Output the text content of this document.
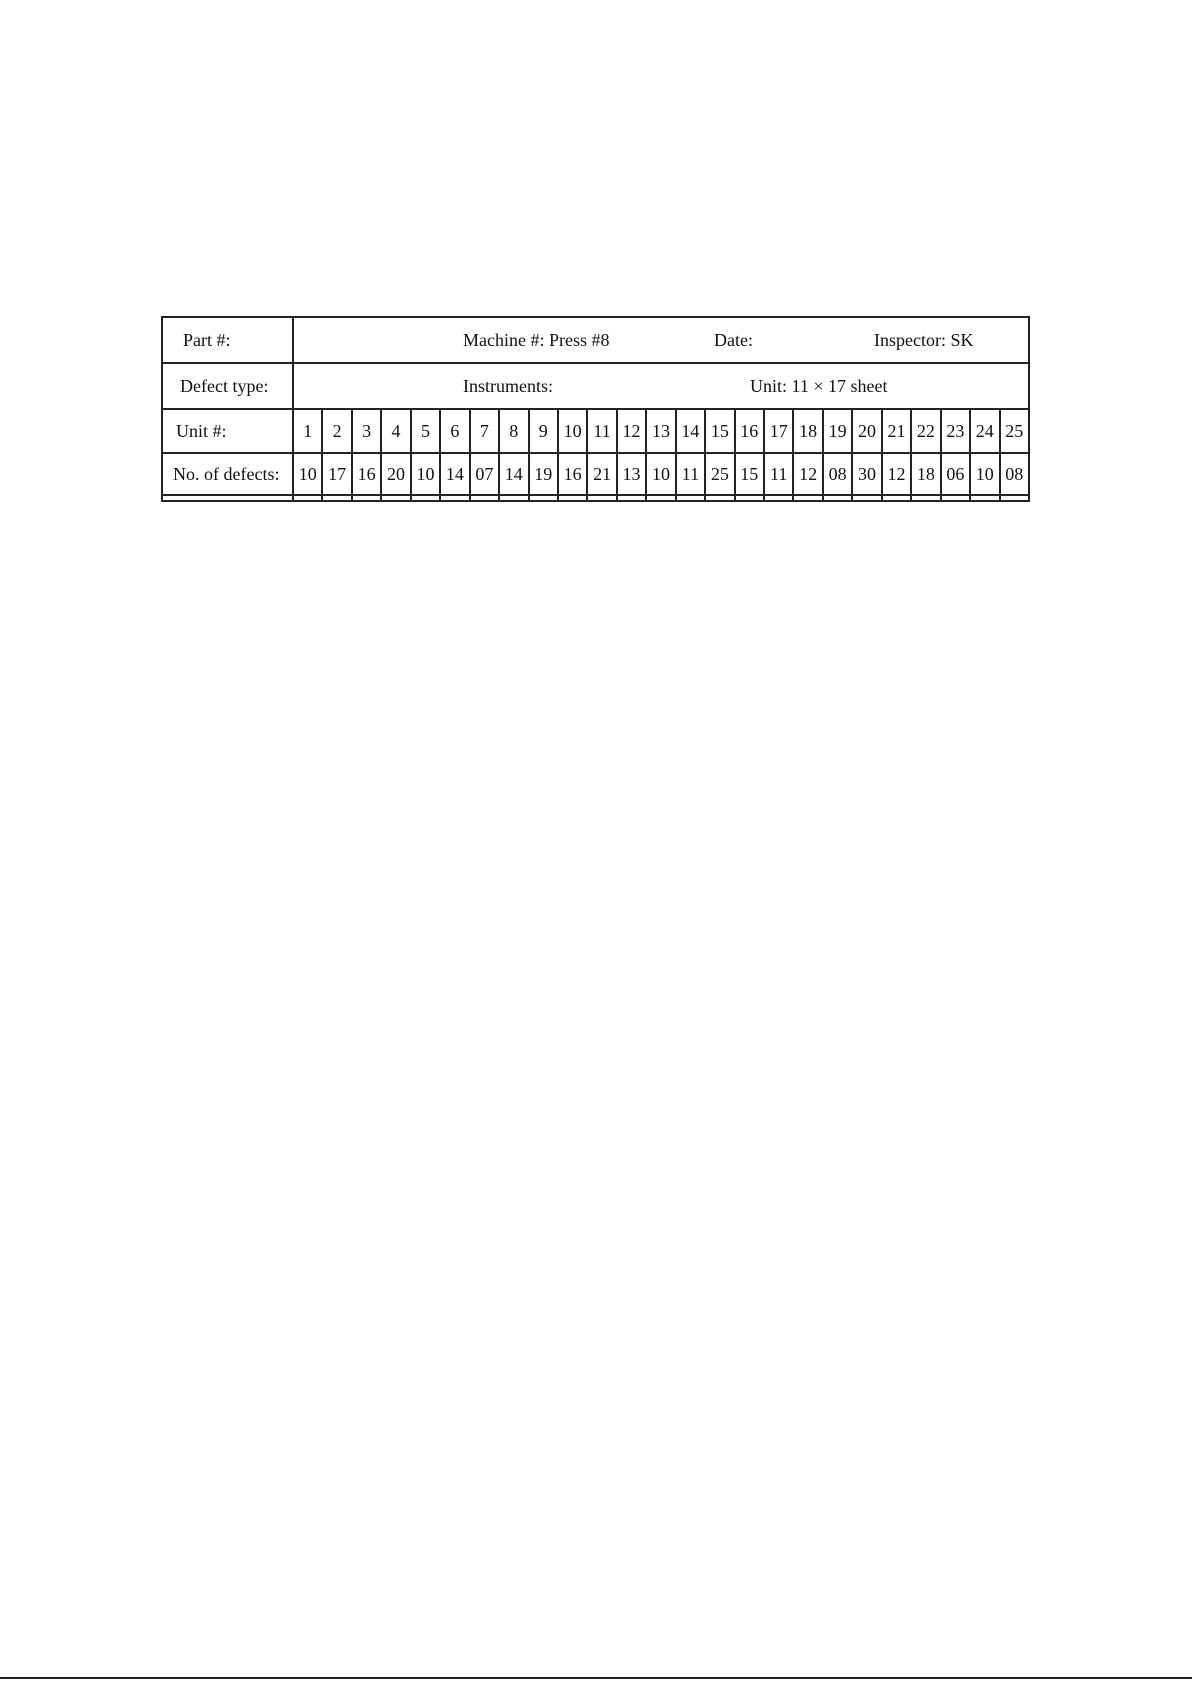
Part #:	Machine #: Press #8	Date:	Inspector: SK
Defect type:	Instruments:	Unit: 11 × 17 sheet
Unit #:	1	2	3	4	5	6	7	8	9 10 11 12 13 14 15 16 17 18 19 20 21 22 23 24 25
No. of defects: 10 17 16 20 10 14 07 14 19 16 21 13 10 11 25 15 11 12 08 30 12 18 06 10 08
